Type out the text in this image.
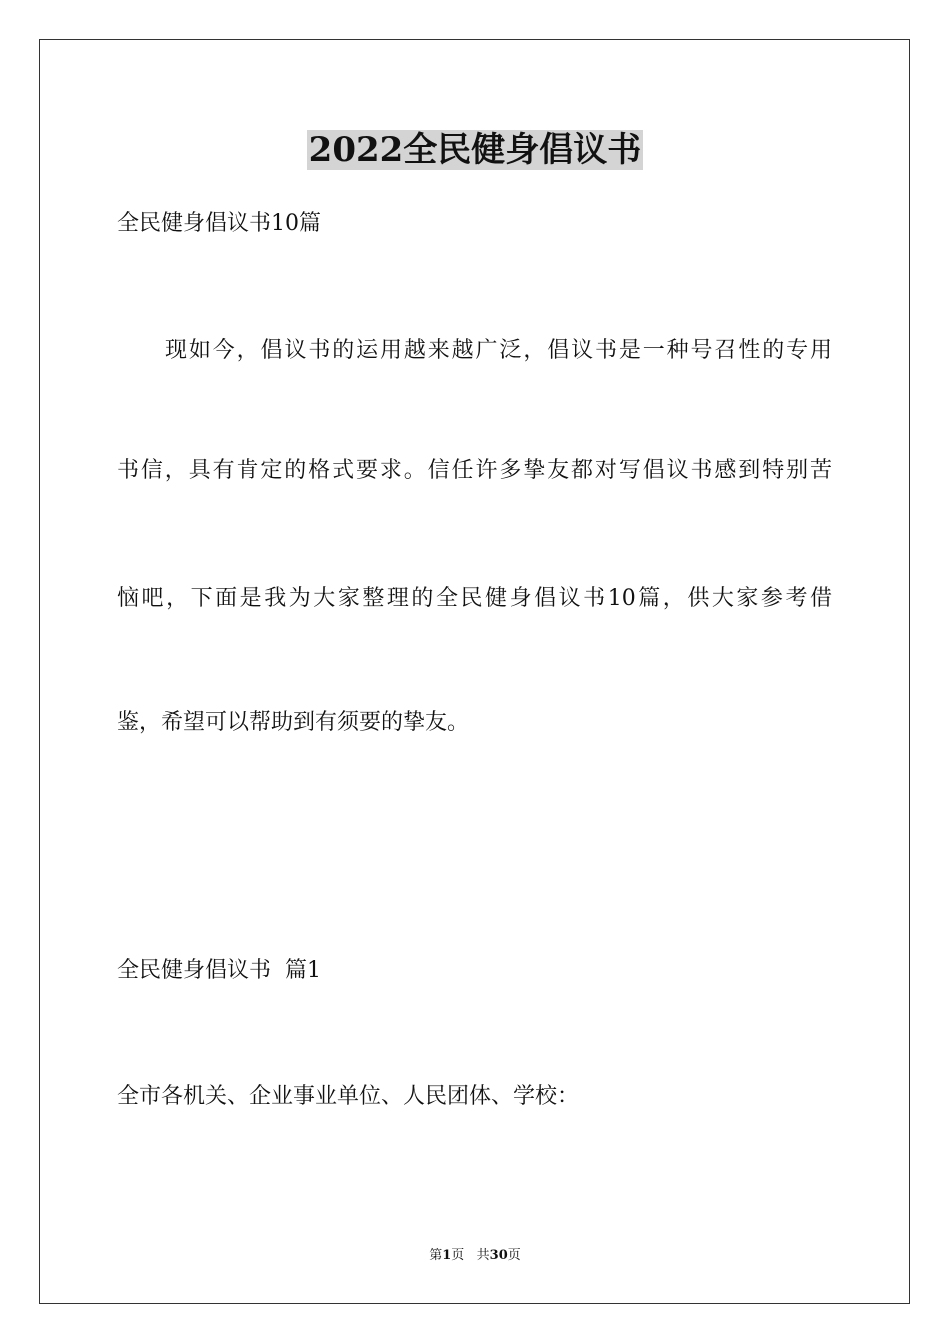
2022全民健身倡议书
全民健身倡议书10篇
现如今，倡议书的运用越来越广泛，倡议书是一种号召性的专用
书信，具有肯定的格式要求。信任许多挚友都对写倡议书感到特别苦
恼吧，下面是我为大家整理的全民健身倡议书10篇，供大家参考借
鉴，希望可以帮助到有须要的挚友。
全民健身倡议书  篇1
全市各机关、企业事业单位、人民团体、学校：
第1页   共30页
